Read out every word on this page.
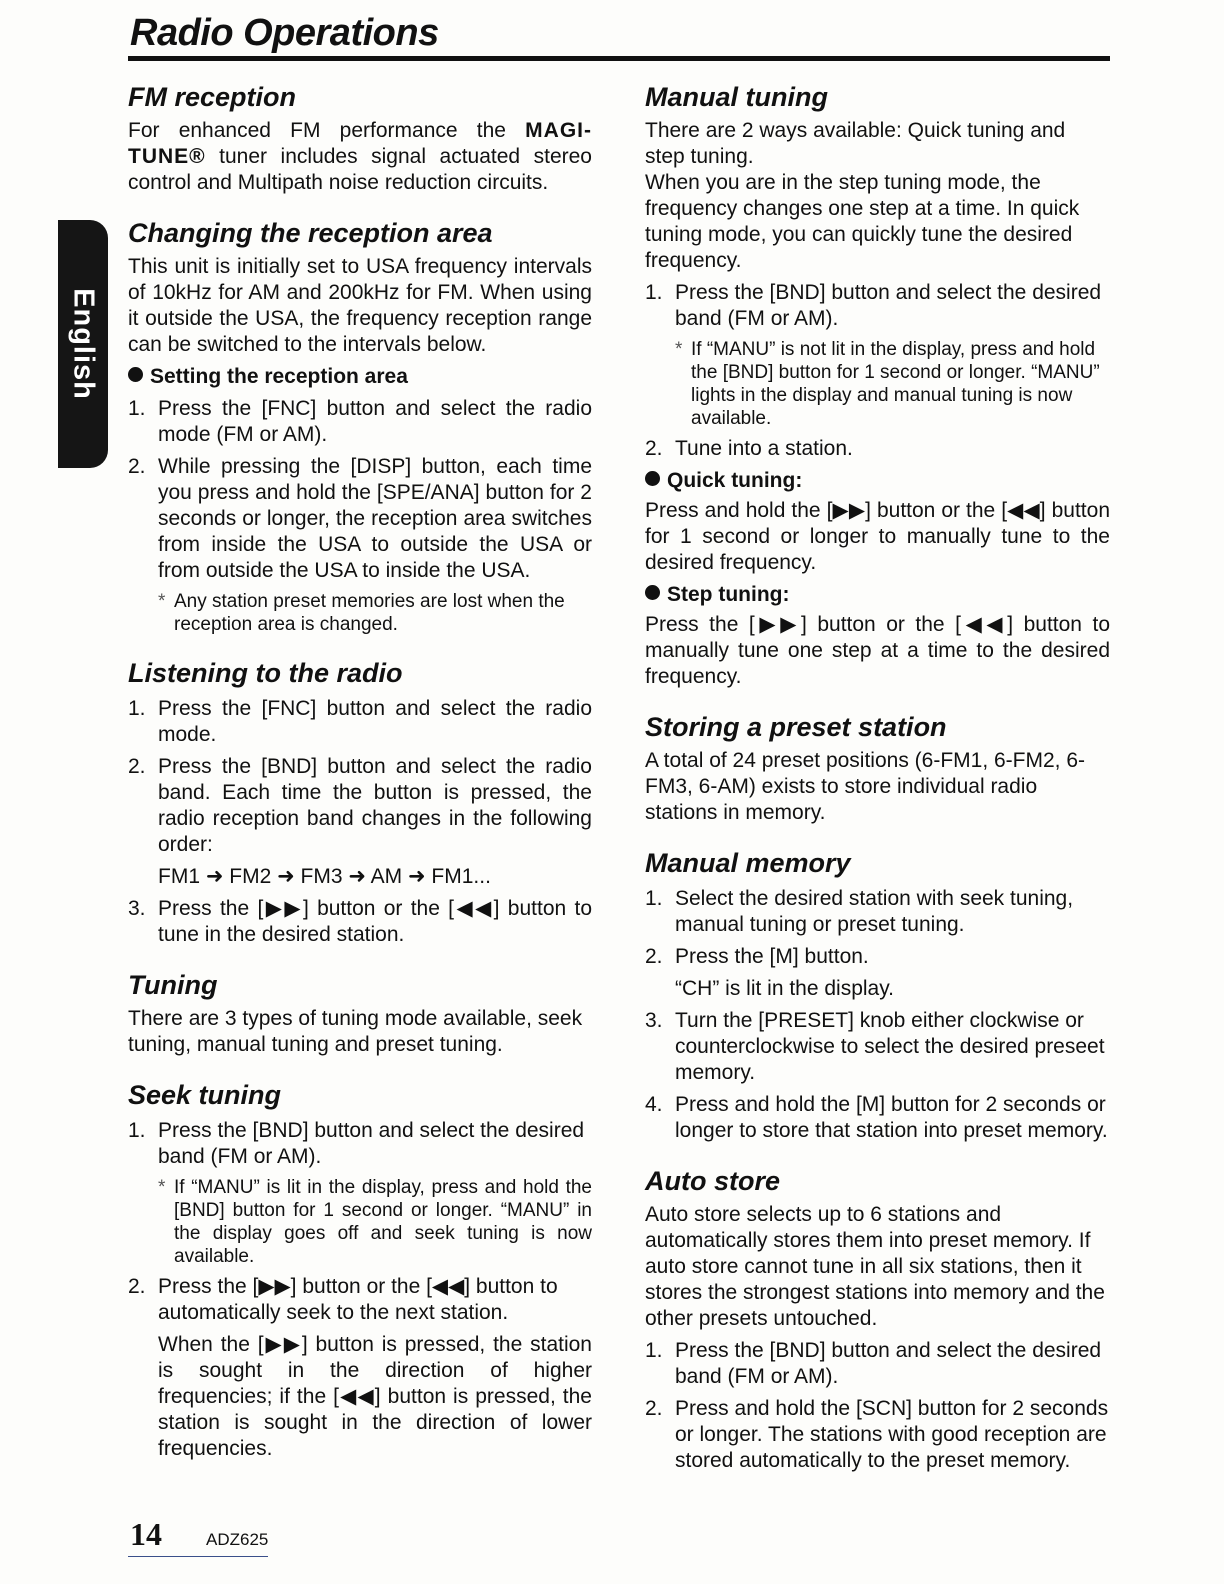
Radio Operations
English
FM reception

For enhanced FM performance the MAGI-TUNE® tuner includes signal actuated stereo control and Multipath noise reduction circuits.

Changing the reception area

This unit is initially set to USA frequency intervals of 10kHz for AM and 200kHz for FM. When using it outside the USA, the frequency reception range can be switched to the intervals below.

Setting the reception area
1. Press the [FNC] button and select the radio mode (FM or AM).
2. While pressing the [DISP] button, each time you press and hold the [SPE/ANA] button for 2 seconds or longer, the reception area switches from inside the USA to outside the USA or from outside the USA to inside the USA.
* Any station preset memories are lost when the reception area is changed.
Listening to the radio
1. Press the [FNC] button and select the radio mode.
2. Press the [BND] button and select the radio band. Each time the button is pressed, the radio reception band changes in the following order:
FM1 ➜ FM2 ➜ FM3 ➜ AM ➜ FM1...
3. Press the [▶▶] button or the [◀◀] button to tune in the desired station.
Tuning

There are 3 types of tuning mode available, seek tuning, manual tuning and preset tuning.

Seek tuning
1. Press the [BND] button and select the desired band (FM or AM).
* If “MANU” is lit in the display, press and hold the [BND] button for 1 second or longer. “MANU” in the display goes off and seek tuning is now available.
2. Press the [▶▶] button or the [◀◀] button to automatically seek to the next station.
When the [▶▶] button is pressed, the station is sought in the direction of higher frequencies; if the [◀◀] button is pressed, the station is sought in the direction of lower frequencies.
Manual tuning

There are 2 ways available: Quick tuning and step tuning.

When you are in the step tuning mode, the frequency changes one step at a time. In quick tuning mode, you can quickly tune the desired frequency.

1. Press the [BND] button and select the desired band (FM or AM).
* If “MANU” is not lit in the display, press and hold the [BND] button for 1 second or longer. “MANU” lights in the display and manual tuning is now available.
2. Tune into a station.
Quick tuning:

Press and hold the [▶▶] button or the [◀◀] button for 1 second or longer to manually tune to the desired frequency.

Step tuning:

Press the [▶▶] button or the [◀◀] button to manually tune one step at a time to the desired frequency.

Storing a preset station

A total of 24 preset positions (6-FM1, 6-FM2, 6-FM3, 6-AM) exists to store individual radio stations in memory.

Manual memory
1. Select the desired station with seek tuning, manual tuning or preset tuning.
2. Press the [M] button.
“CH” is lit in the display.
3. Turn the [PRESET] knob either clockwise or counterclockwise to select the desired preseet memory.
4. Press and hold the [M] button for 2 seconds or longer to store that station into preset memory.
Auto store

Auto store selects up to 6 stations and automatically stores them into preset memory. If auto store cannot tune in all six stations, then it stores the strongest stations into memory and the other presets untouched.

1. Press the [BND] button and select the desired band (FM or AM).
2. Press and hold the [SCN] button for 2 seconds or longer. The stations with good reception are stored automatically to the preset memory.
14	ADZ625
